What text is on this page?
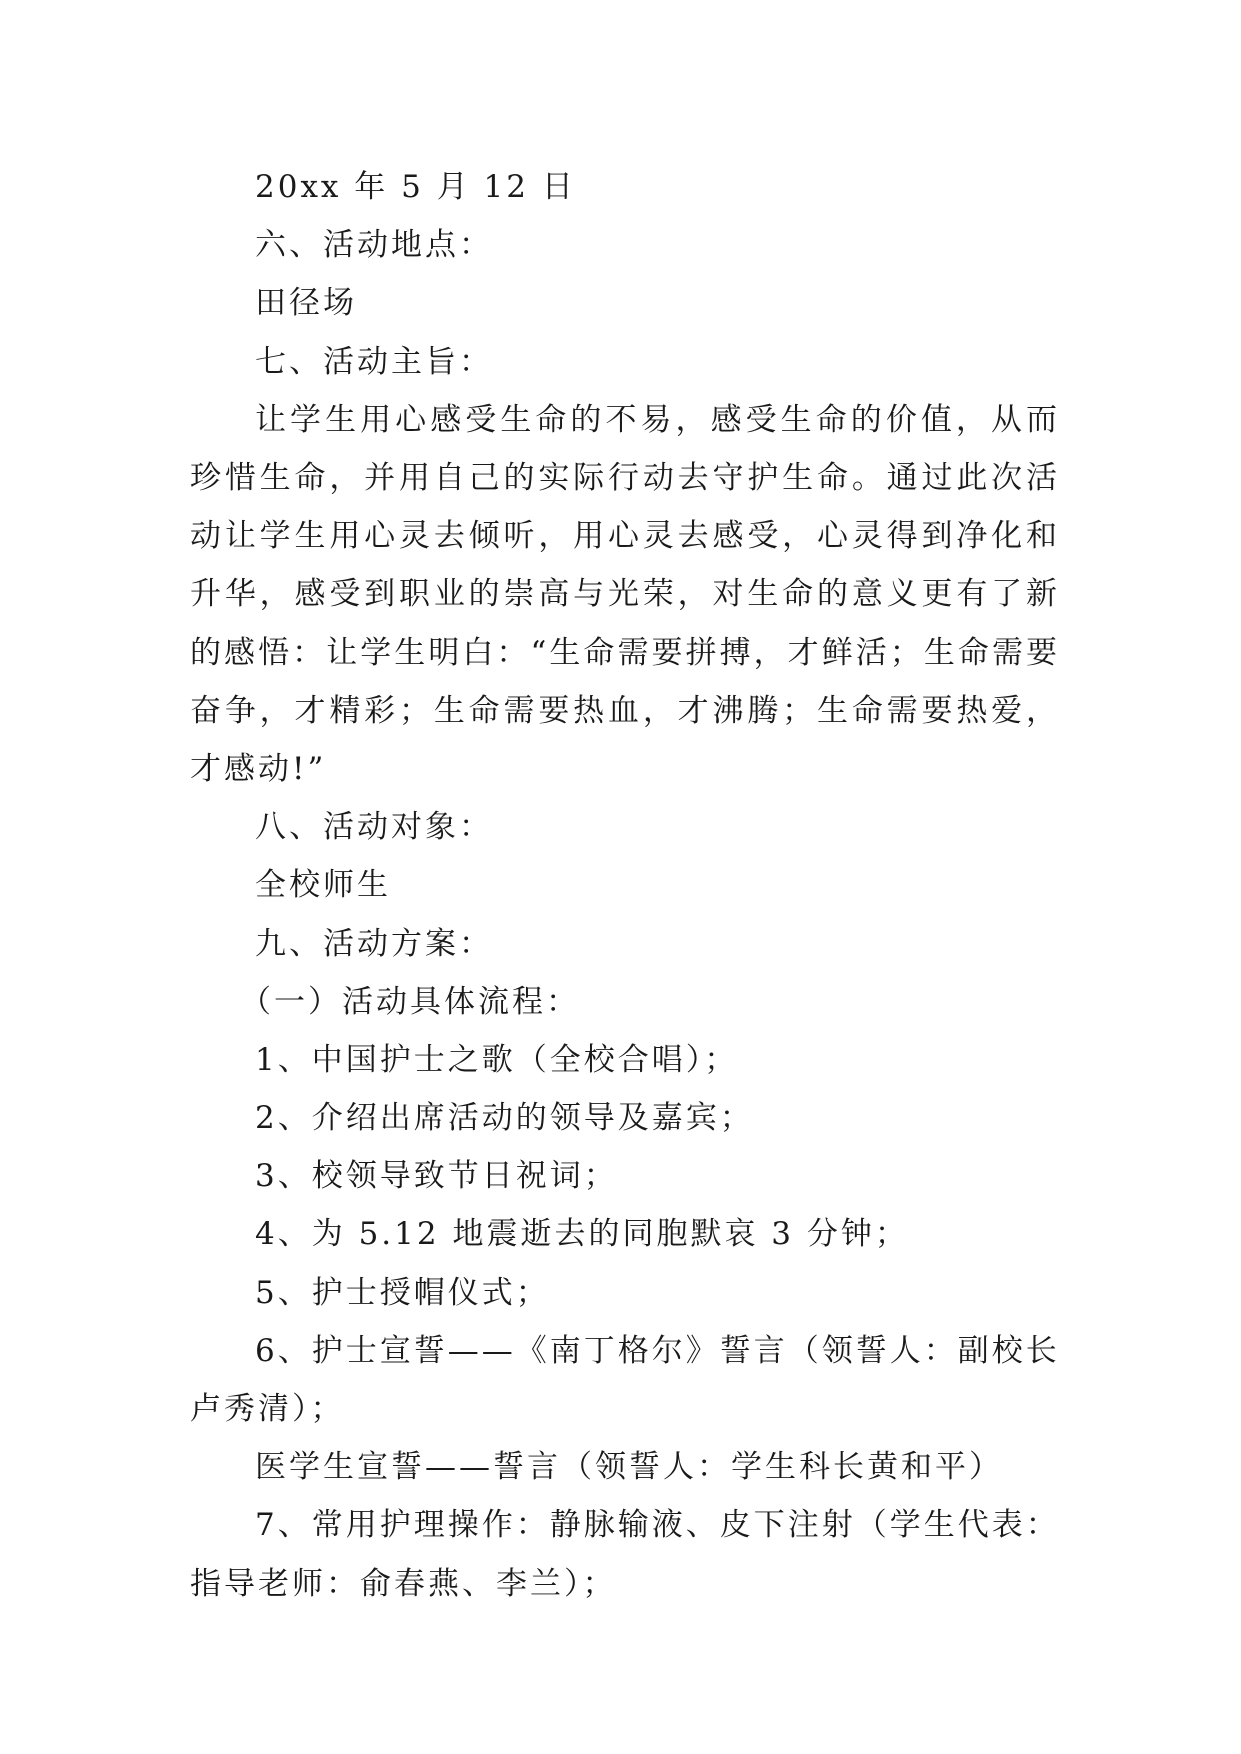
20xx 年 5 月 12 日
六、活动地点：
田径场
七、活动主旨：

让学生用心感受生命的不易，感受生命的价值，从而珍惜生命，并用自己的实际行动去守护生命。通过此次活动让学生用心灵去倾听，用心灵去感受，心灵得到净化和升华，感受到职业的崇高与光荣，对生命的意义更有了新的感悟：让学生明白：“生命需要拼搏，才鲜活；生命需要奋争，才精彩；生命需要热血，才沸腾；生命需要热爱，才感动!”

八、活动对象：
全校师生
九、活动方案：
（一）活动具体流程：
1、中国护士之歌（全校合唱）；
2、介绍出席活动的领导及嘉宾；
3、校领导致节日祝词；
4、为 5.12 地震逝去的同胞默哀 3 分钟；
5、护士授帽仪式；

6、护士宣誓——《南丁格尔》誓言（领誓人：副校长卢秀清）；

医学生宣誓——誓言（领誓人：学生科长黄和平）

7、常用护理操作：静脉输液、皮下注射（学生代表：指导老师：俞春燕、李兰）；
